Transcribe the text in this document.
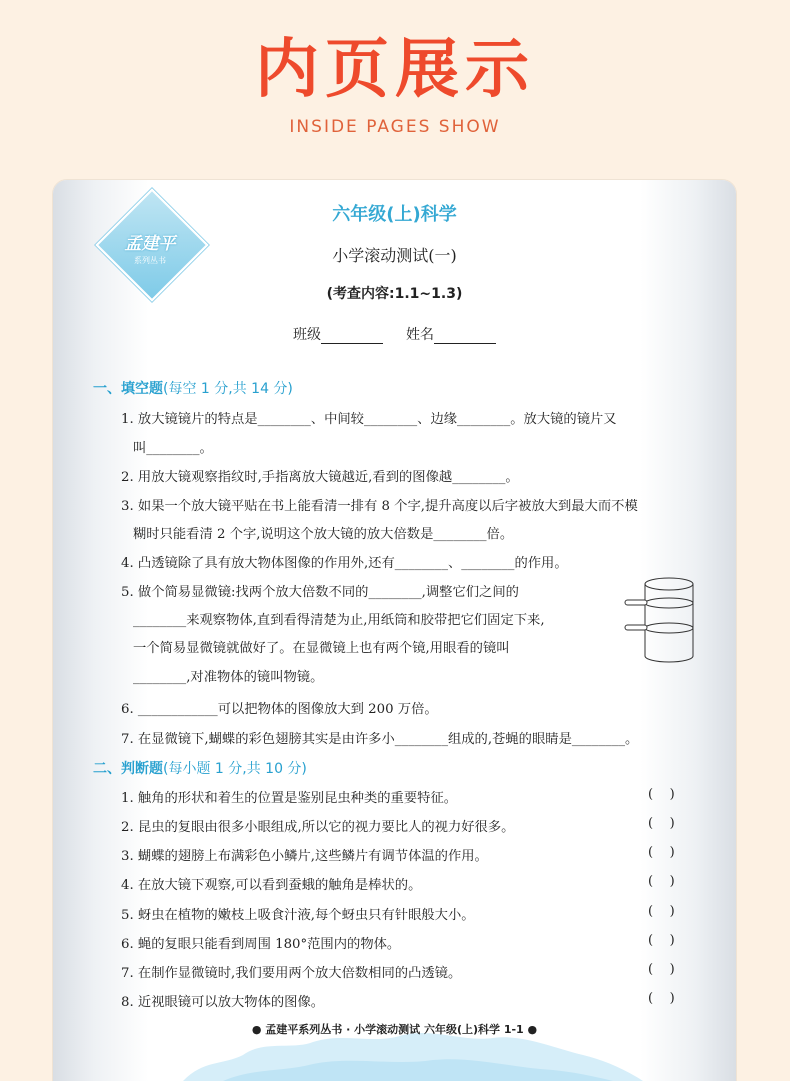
内页展示
INSIDE PAGES SHOW
孟建平
系列丛书
六年级(上)科学
小学滚动测试(一)
(考查内容:1.1~1.3)
班级	姓名
一、填空题(每空 1 分,共 14 分)
1. 放大镜镜片的特点是________、中间较________、边缘________。放大镜的镜片又
叫________。
2. 用放大镜观察指纹时,手指离放大镜越近,看到的图像越________。
3. 如果一个放大镜平贴在书上能看清一排有 8 个字,提升高度以后字被放大到最大而不模
糊时只能看清 2 个字,说明这个放大镜的放大倍数是________倍。
4. 凸透镜除了具有放大物体图像的作用外,还有________、________的作用。
5. 做个简易显微镜:找两个放大倍数不同的________,调整它们之间的
________来观察物体,直到看得清楚为止,用纸筒和胶带把它们固定下来,
一个简易显微镜就做好了。在显微镜上也有两个镜,用眼看的镜叫
________,对准物体的镜叫物镜。
6. ____________可以把物体的图像放大到 200 万倍。
7. 在显微镜下,蝴蝶的彩色翅膀其实是由许多小________组成的,苍蝇的眼睛是________。
二、判断题(每小题 1 分,共 10 分)
1. 触角的形状和着生的位置是鉴别昆虫种类的重要特征。	(    )
2. 昆虫的复眼由很多小眼组成,所以它的视力要比人的视力好很多。	(    )
3. 蝴蝶的翅膀上布满彩色小鳞片,这些鳞片有调节体温的作用。	(    )
4. 在放大镜下观察,可以看到蚕蛾的触角是棒状的。	(    )
5. 蚜虫在植物的嫩枝上吸食汁液,每个蚜虫只有针眼般大小。	(    )
6. 蝇的复眼只能看到周围 180°范围内的物体。	(    )
7. 在制作显微镜时,我们要用两个放大倍数相同的凸透镜。	(    )
8. 近视眼镜可以放大物体的图像。	(    )
● 孟建平系列丛书 · 小学滚动测试 六年级(上)科学 1-1 ●
